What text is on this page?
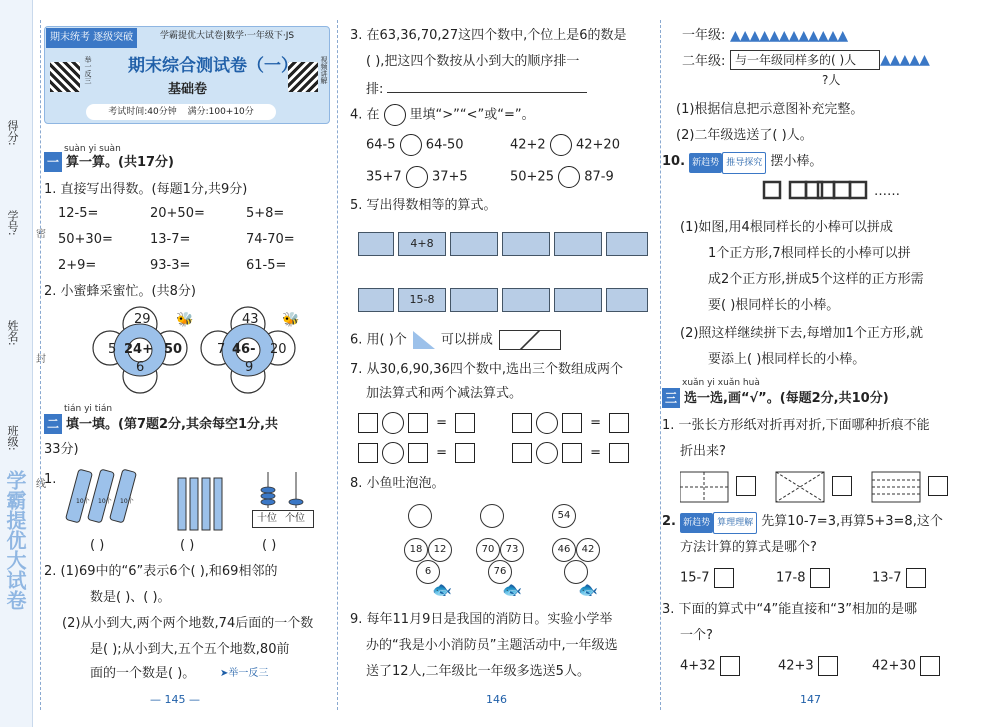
学霸提优大试卷
得分:
学号:
姓名:
班级:
密
封
线
期末统考 逐级突破	学霸提优大试卷|数学·一年级下·JS
举一反三	视频讲解
期末综合测试卷（一）
基础卷
考试时间:40分钟 满分:100+10分
suàn yi suàn
一 算一算。(共17分)
1. 直接写出得数。(每题1分,共9分)
12-5=	20+50=	5+8=
50+30=	13-7=	74-70=
2+9=	93-3=	61-5=
2. 小蜜蜂采蜜忙。(共8分)
29
50
6
5 24+
43
20
9
7 46-
🐝	🐝
tián yi tián
二 填一填。(第7题2分,其余每空1分,共
33分)
1.
10个 10个 10个
十位 个位
( )	( )	( )
2. (1)69中的“6”表示6个( ),和69相邻的
数是( )、( )。
(2)从小到大,两个两个地数,74后面的一个数
是( );从小到大,五个五个地数,80前
面的一个数是( )。 ➤举一反三
— 145 —
3. 在63,36,70,27这四个数中,个位上是6的数是
( ),把这四个数按从小到大的顺序排一
排:
4. 在 里填“>”“<”或“=”。
64-5 64-50	42+2 42+20
35+7 37+5	50+25 87-9
5. 写出得数相等的算式。
4+8
15-8
6. 用( )个	可以拼成
7. 从30,6,90,36四个数中,选出三个数组成两个
加法算式和两个减法算式。
=	=
=	=
8. 小鱼吐泡泡。
18	12
6
🐟
70	73
76
🐟
54
46	42
🐟
9. 每年11月9日是我国的消防日。实验小学举
办的“我是小小消防员”主题活动中,一年级选
送了12人,二年级比一年级多选送5人。
146
一年级: ▲▲▲▲▲▲▲▲▲▲▲▲
二年级: 与一年级同样多的( )人	▲▲▲▲▲
?人
(1)根据信息把示意图补充完整。
(2)二年级选送了( )人。
10. 新趋势 推导探究 摆小棒。
……
(1)如图,用4根同样长的小棒可以拼成
1个正方形,7根同样长的小棒可以拼
成2个正方形,拼成5个这样的正方形需
要( )根同样长的小棒。
(2)照这样继续拼下去,每增加1个正方形,就
要添上( )根同样长的小棒。
xuǎn yi xuǎn huà
三 选一选,画“√”。(每题2分,共10分)
1. 一张长方形纸对折再对折,下面哪种折痕不能
折出来?
2. 新趋势 算理理解 先算10-7=3,再算5+3=8,这个
方法计算的算式是哪个?
15-7	17-8	13-7
3. 下面的算式中“4”能直接和“3”相加的是哪
一个?
4+32	42+3	42+30
147
